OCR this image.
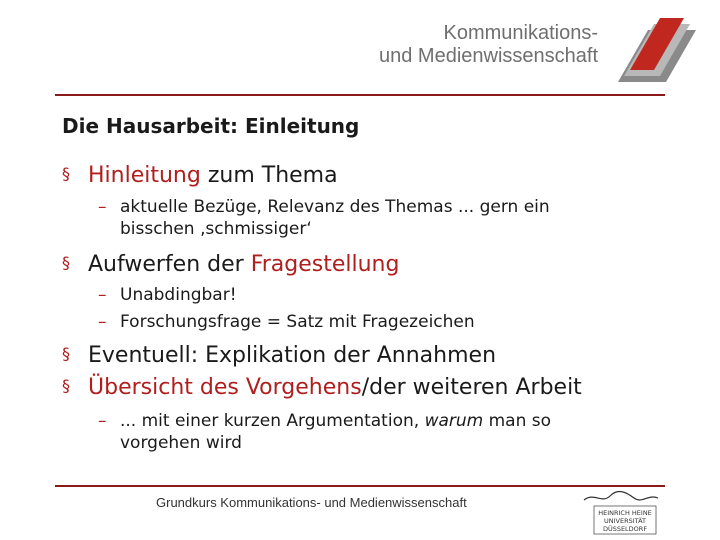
Kommunikations-
und Medienwissenschaft
Die Hausarbeit: Einleitung
§ Hinleitung zum Thema
– aktuelle Bezüge, Relevanz des Themas ... gern ein
bisschen ‚schmissiger‘
§ Aufwerfen der Fragestellung
– Unabdingbar!
– Forschungsfrage = Satz mit Fragezeichen
§ Eventuell: Explikation der Annahmen
§ Übersicht des Vorgehens/der weiteren Arbeit
– ... mit einer kurzen Argumentation, warum man so
vorgehen wird
Grundkurs Kommunikations- und Medienwissenschaft
HEINRICH HEINE
UNIVERSITÄT
DÜSSELDORF
